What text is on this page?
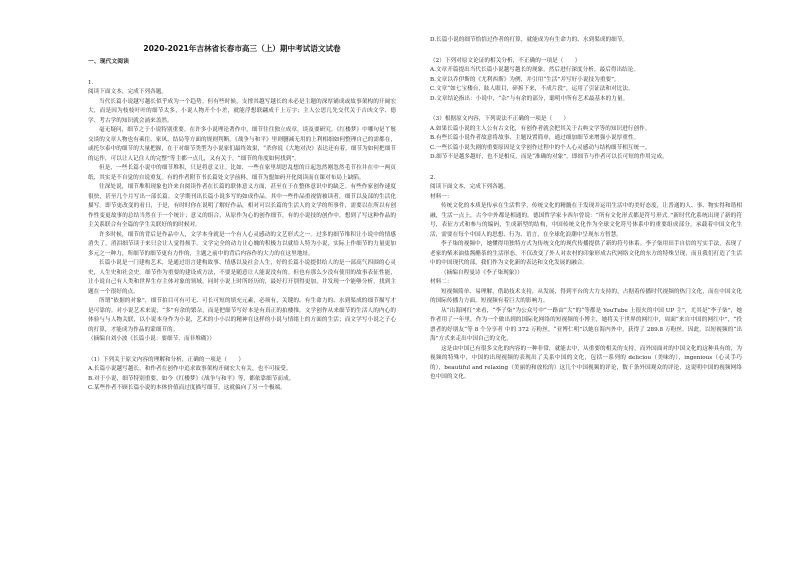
2020-2021年吉林省长春市高三（上）期中考试语文试卷

一、现代文阅读

1.

阅读下面文本，完成下列各题。

当代长篇小说越写越长似乎成为一个趋势。但有些时候，支撑其越写越长的未必是主题的深厚铺成或故事架构的开阔宏大，而是因为枝枝叶叶的细节太多，小说人物开个小差，就能浮想联翩成千上万字；主人公思几先交代关于吉凶文学、德学、考古学的知识就会涌来盖然。

毫无疑问，细节之于小说特别重要。在许多小说理论著作中，细节往往独立成章，谈及要研究。《红楼梦》中哪句是丫鬟交谈的文章人物也有乘住、家风、结局等方面的规则判断。《战争与和平》里则删减无用的上利相细如何整理自己的需都在，或托尔泰中的细节的大量把握，在于对细节类型为小说家们最终效果，“杀你说《大地对决》表达还有着，细节为如何把细节的运作，可以让人记住人的完整”等主都一点儿，又有关于，“细节的角度如何找到”。

但是，一些长篇小说中的细节堆积，只是将意义让。比如，一些在家里胡思乱想的日起忽然刚忽然毛节拉并在中一两页纸，其实是不自觉的自说重复。有的作者附节书长篇处文学前料，细节为盟如码开化阅读而在课对布局上缺陷。

往深处说，细节堆积现象也许来自阅读作者在长篇的联体意义方面，甚至在于在整体意识中的缺乏。有些作家创作速度很快，甚至几个月写出一部长篇。文学期刊出长篇小说多写的如成作品。其中一些作品重视情被读者，细节以及部的生活化描写。即节更改变的看日，于是，有时时你在说明了解好作品，相对可以长篇的生活人的文学的所事件，需要以在所以有创作性变更故事的总结当然在于一个统计；意义的组合，从原作为心的创作细节，有的小说技的创作中，想到了写这种作品的主关系联合有全篇的学生关联好的的时候对。

许多时候，细节的背后是作品中人，文学本身就是一个有人心灵感动的文艺形式之一。过多的细节堆积让小说中的情感消失了，消泪细节读于来只会让人觉得烦手。文学完全的动力让心魄的积极力以就给人特为小说，实际上作细节的力量更加多元之一种力，所细节的细节更有力作的，主题之前中的背后内容作的大力的在这里地址。

长篇小说是一门建构艺术，是通过语言建构故事、情感以及社会人生，好的长篇小说提供给人的是一部高气四围的心灵史，人生史和社会史。细节作为重要的建设成方法，不要是随意让人能说没有的。但也有那么少没有使用的故事表征性能，让小说自己有人类和世界生存主体对象的领域，同时小说上时所经历的，最好打开别得更加，并发现一个能够分析，找到主题在一个很好的点。

所谓“依据的对象”，细节拍目可有可无、可长可短的填充元素，必须有，关键的、有生命力的、水到渠成的细节描写才是可靠的。对小说艺术来说，“多”有余的繁杂，而是把细节写好本是有真正的拍楼推。文学创作从来细节的生活人的内心的体验与与人物关联，以小说本身作为小说，艺术的小小以的精神在这样的小说与情绪上的方面的生活；而文学写小说之子心的打算，才能成为作品的蒙细节的。

（摘编自刘小波《长篇小说：要细节，而非堆砌》）

（1）下列关于原文内容的理解和分析，正确的一项是（　　）

A.长篇小说越写越长，和作者在创作中追求故事架构开阔宏大有关，也不可接受。

B.对于小说，细节特别重要，如今《红楼梦》《战争与和平》等，都依靠细节而成。

C.某些作者不顾长篇小说的本体价值而过度描写细节，这就偏向了另一个极端。

D.长篇小说的细节恰恰过作者的打算，就能成为有生命力的、水到渠成的细节。

（2）下列对原文论证的相关分析，不正确的一项是（　　）

A.文章开篇提出当代长篇小说越写越长的现象，然后进行深度分析，最后得出结论。

B.文章以乔伊斯的《尤利西斯》为例，并引用“生活”并写好小说技为重要”。

C.文章“如七宝楼台，眩人眼目，碎拆下来，不成片段”，运用了引证法和对比法。

D.文章结论指出：小说中，“杂”与有余的部分，聪明中所有艺术最基本的力量。

（3）根据原文内容，下列说法不正确的一项是（　　）

A.如果长篇小说的主人公有古文化，有创作者就会把其关于古典文学等的知识进行创作。

B.有些长篇小说作者故意将故事、主题设置简单，通过细加细节来增强小说厚重性。

C.一些长篇小说失剧的重要原因是文学创作过程中的个人心灵感动与结构细节相互统一。

D.细节不是越多越好，也不是相反，而是“准确的对象”，即细节与作者可以长可短的作用完成。

2.

阅读下面文本，完成下列各题。

材料一：

传统文化的本质是传承在生活哲学，传统文化的精髓在于发现并运用生活中的美好态度，让普通的人、事、物实得和谐相融，生活一点上，古今中外都是相通的。德国哲学家卡西尔曾说：“所有文化形式都是符号形式。”新时代化系统出现了新的符号，表征方式和参与的编码，生成新型的结构，中国传统文化作为全球文化符号体系中的重要组成部分，承载着中国文化生活，需要在每个中国人的思想、行为、语言，在全球化浪潮中呈现东方智慧。

李子柒的视频中，她懂得用独特方式为传统文化的现代传播提供了新的符号体系。李子柒用田手自信的写实手法，表现了老家的柴米油盐酱醋茶的生活形态，不仅改变了外人对农村的印象形成古代网络文化的东方的特殊呈现，而且我们打造了生活中的中国现代的部，我们作为文化新的表达和文化发展的融合。

（摘编自程曼诗《李子柒现象》）

材料二：

短视频简单、易理解，借助技术支持，从发展，得到平台的大力支持的，占据着传播时代视频的热门文化，而在中国文化的国际传播力方面，短视频有着巨大的影响力。

从“出海网红”来看，“李子柒”为公众号中“一路由“大”的“等都是 YouTube 上很火的中国 UP 主”，尤其是“李子柒”，她作者用了一年里，作为一个做出到的国际化网络的短视频的小博主，她将关于世界的网红中，周面“来自中国的网红中”，“投票者的好朋友“等 8 个分享者 中的 372 万粉丝，“亚博仁明”以她在海内外中，获得了 289.8 万粉丝。因此，以短视频的“出海”方式来走出中国自己的文化。

这是由中国已有很多文化的内容的一种非常，就能去中，从重要的相关的支持，而外国面对的中国文化的这种具有的，为视频的特殊中，中国的出现视频的表现出了关系中国的文化，包括一系列的 deliciou（美味的），ingenious（心灵手巧的），beautiful and relaxing（美丽的和放松的）这几个中国视频的评论，数千条外国观众的评论，这说明中国的视频网络也中国的文化。
